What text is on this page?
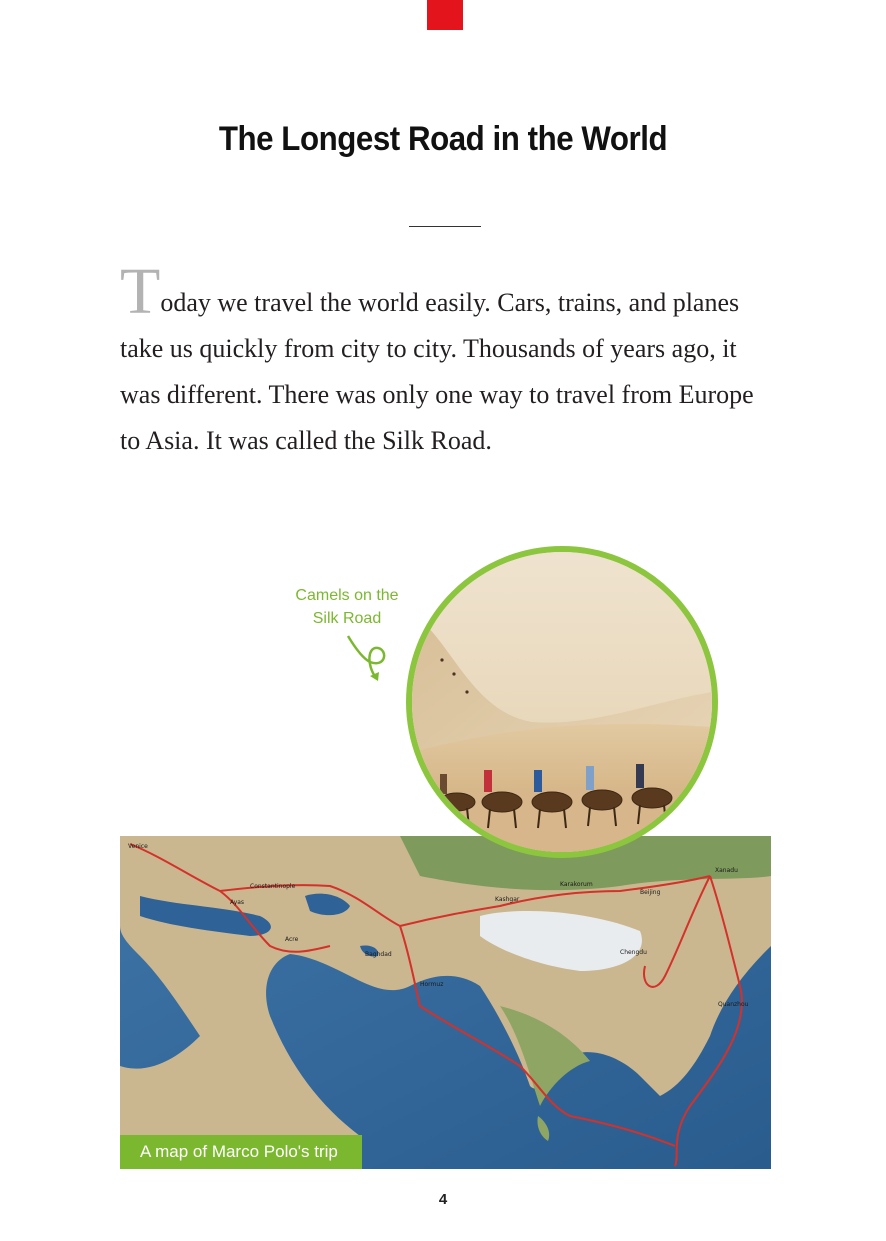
The Longest Road in the World

Today we travel the world easily. Cars, trains, and planes take us quickly from city to city. Thousands of years ago, it was different. There was only one way to travel from Europe to Asia. It was called the Silk Road.

Camels on the
Silk Road
Venice
Constantinople
Ayas
Acre
Baghdad
Hormuz
Kashgar
Karakorum
Beijing
Xanadu
Chengdu
Quanzhou
A map of Marco Polo's trip
4
